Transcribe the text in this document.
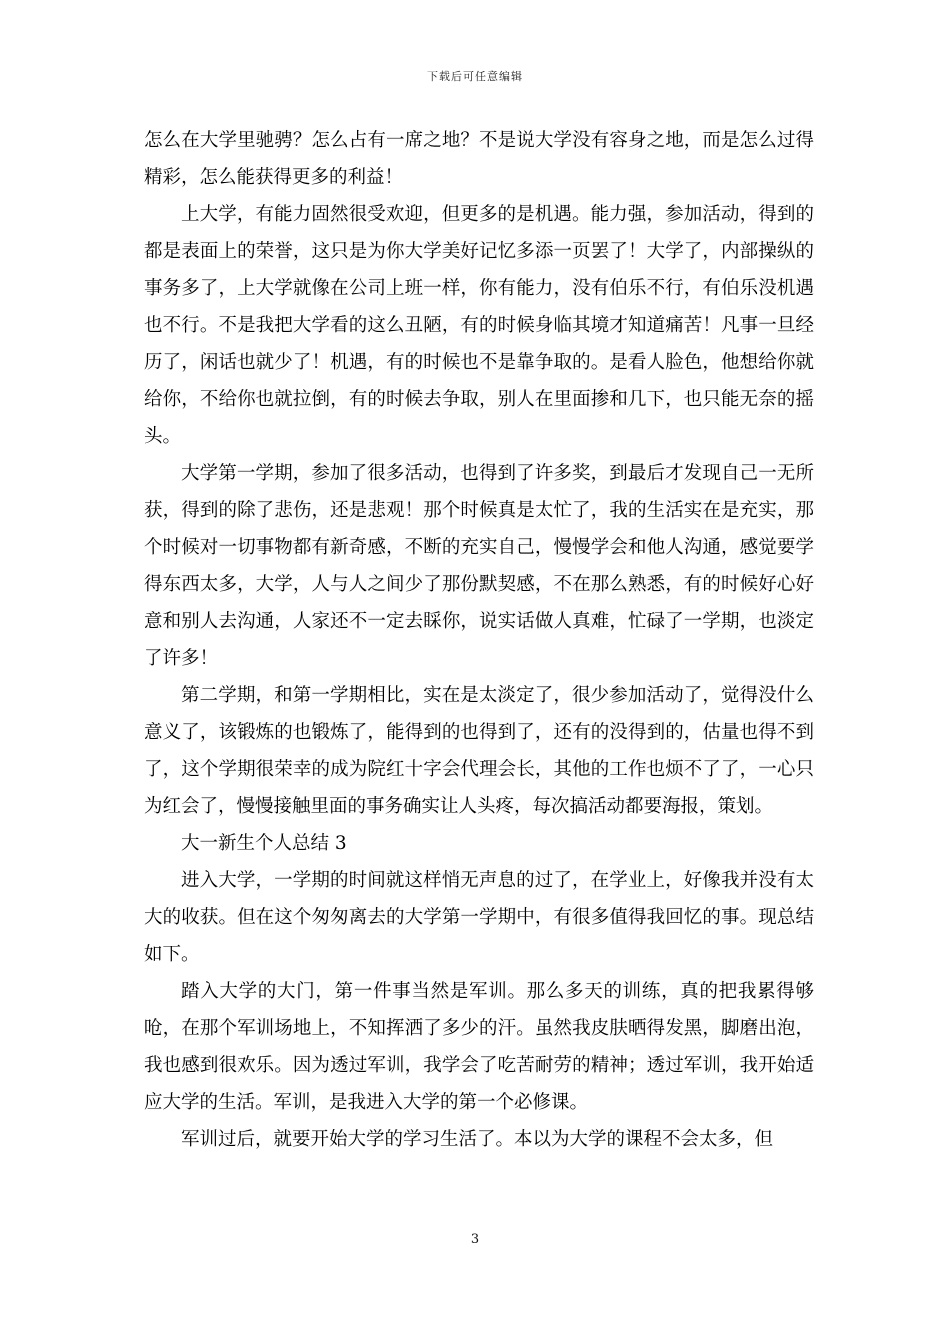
下载后可任意编辑

怎么在大学里驰骋？怎么占有一席之地？不是说大学没有容身之地，而是怎么过得精彩，怎么能获得更多的利益！

上大学，有能力固然很受欢迎，但更多的是机遇。能力强，参加活动，得到的都是表面上的荣誉，这只是为你大学美好记忆多添一页罢了！大学了，内部操纵的事务多了，上大学就像在公司上班一样，你有能力，没有伯乐不行，有伯乐没机遇也不行。不是我把大学看的这么丑陋，有的时候身临其境才知道痛苦！凡事一旦经历了，闲话也就少了！机遇，有的时候也不是靠争取的。是看人脸色，他想给你就给你，不给你也就拉倒，有的时候去争取，别人在里面掺和几下，也只能无奈的摇头。

大学第一学期，参加了很多活动，也得到了许多奖，到最后才发现自己一无所获，得到的除了悲伤，还是悲观！那个时候真是太忙了，我的生活实在是充实，那个时候对一切事物都有新奇感，不断的充实自己，慢慢学会和他人沟通，感觉要学得东西太多，大学，人与人之间少了那份默契感，不在那么熟悉，有的时候好心好意和别人去沟通，人家还不一定去睬你，说实话做人真难，忙碌了一学期，也淡定了许多！

第二学期，和第一学期相比，实在是太淡定了，很少参加活动了，觉得没什么意义了，该锻炼的也锻炼了，能得到的也得到了，还有的没得到的，估量也得不到了，这个学期很荣幸的成为院红十字会代理会长，其他的工作也烦不了了，一心只为红会了，慢慢接触里面的事务确实让人头疼，每次搞活动都要海报，策划。

大一新生个人总结 3

进入大学，一学期的时间就这样悄无声息的过了，在学业上，好像我并没有太大的收获。但在这个匆匆离去的大学第一学期中，有很多值得我回忆的事。现总结如下。

踏入大学的大门，第一件事当然是军训。那么多天的训练，真的把我累得够呛，在那个军训场地上，不知挥洒了多少的汗。虽然我皮肤晒得发黑，脚磨出泡，我也感到很欢乐。因为透过军训，我学会了吃苦耐劳的精神；透过军训，我开始适应大学的生活。军训，是我进入大学的第一个必修课。

军训过后，就要开始大学的学习生活了。本以为大学的课程不会太多，但

3
